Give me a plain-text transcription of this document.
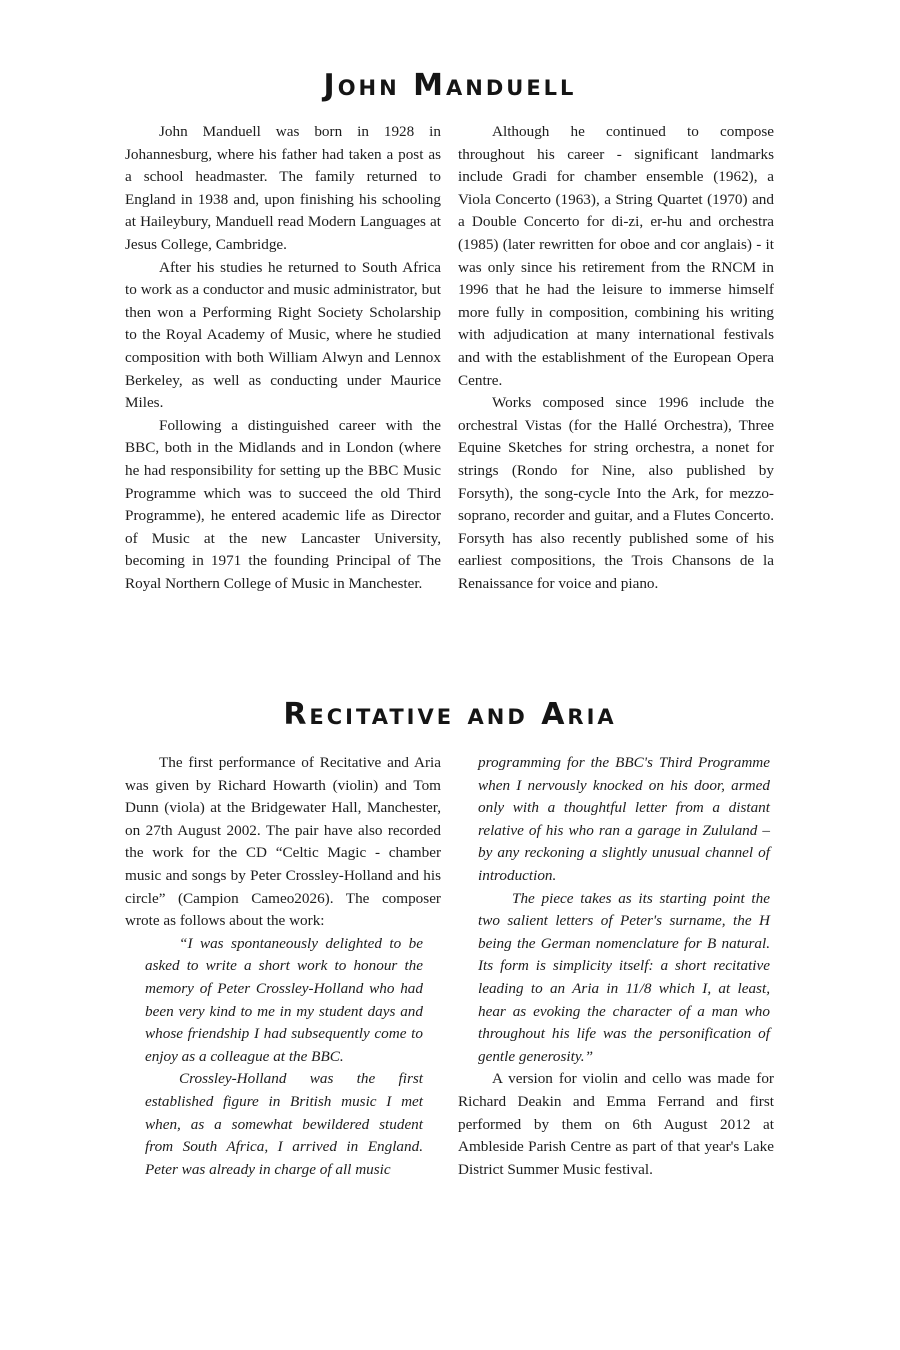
John Manduell

John Manduell was born in 1928 in Johannesburg, where his father had taken a post as a school headmaster. The family returned to England in 1938 and, upon finishing his schooling at Haileybury, Manduell read Modern Languages at Jesus College, Cambridge.

After his studies he returned to South Africa to work as a conductor and music administrator, but then won a Performing Right Society Scholarship to the Royal Academy of Music, where he studied composition with both William Alwyn and Lennox Berkeley, as well as conducting under Maurice Miles.

Following a distinguished career with the BBC, both in the Midlands and in London (where he had responsibility for setting up the BBC Music Programme which was to succeed the old Third Programme), he entered academic life as Director of Music at the new Lancaster University, becoming in 1971 the founding Principal of The Royal Northern College of Music in Manchester.

Although he continued to compose throughout his career - significant landmarks include Gradi for chamber ensemble (1962), a Viola Concerto (1963), a String Quartet (1970) and a Double Concerto for di-zi, er-hu and orchestra (1985) (later rewritten for oboe and cor anglais) - it was only since his retirement from the RNCM in 1996 that he had the leisure to immerse himself more fully in composition, combining his writing with adjudication at many international festivals and with the establishment of the European Opera Centre.

Works composed since 1996 include the orchestral Vistas (for the Hallé Orchestra), Three Equine Sketches for string orchestra, a nonet for strings (Rondo for Nine, also published by Forsyth), the song-cycle Into the Ark, for mezzo-soprano, recorder and guitar, and a Flutes Concerto. Forsyth has also recently published some of his earliest compositions, the Trois Chansons de la Renaissance for voice and piano.

Recitative and Aria

The first performance of Recitative and Aria was given by Richard Howarth (violin) and Tom Dunn (viola) at the Bridgewater Hall, Manchester, on 27th August 2002. The pair have also recorded the work for the CD “Celtic Magic - chamber music and songs by Peter Crossley-Holland and his circle” (Campion Cameo2026). The composer wrote as follows about the work:

“I was spontaneously delighted to be asked to write a short work to honour the memory of Peter Crossley-Holland who had been very kind to me in my student days and whose friendship I had subsequently come to enjoy as a colleague at the BBC.

Crossley-Holland was the first established figure in British music I met when, as a somewhat bewildered student from South Africa, I arrived in England. Peter was already in charge of all music

programming for the BBC's Third Programme when I nervously knocked on his door, armed only with a thoughtful letter from a distant relative of his who ran a garage in Zululand – by any reckoning a slightly unusual channel of introduction.

The piece takes as its starting point the two salient letters of Peter's surname, the H being the German nomenclature for B natural. Its form is simplicity itself: a short recitative leading to an Aria in 11/8 which I, at least, hear as evoking the character of a man who throughout his life was the personification of gentle generosity.”

A version for violin and cello was made for Richard Deakin and Emma Ferrand and first performed by them on 6th August 2012 at Ambleside Parish Centre as part of that year's Lake District Summer Music festival.
